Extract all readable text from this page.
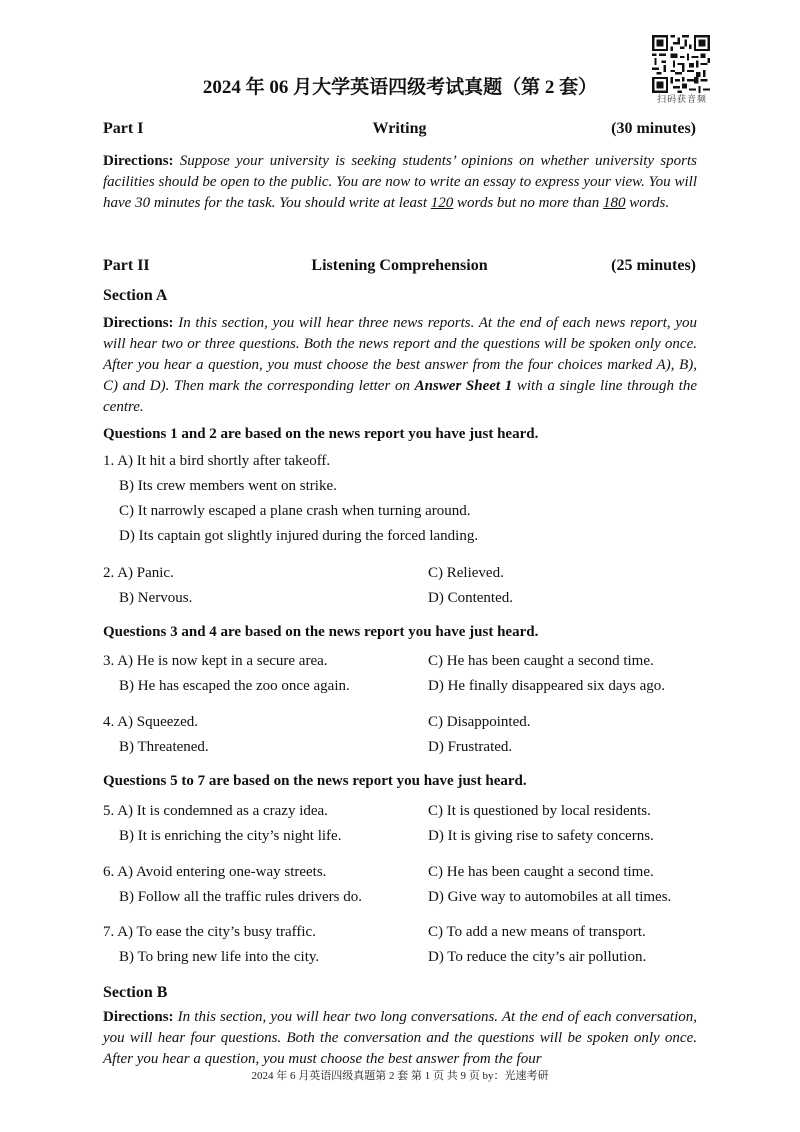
扫码获音频
2024 年 06 月大学英语四级考试真题（第 2 套）
Part I	Writing	(30 minutes)
Directions: Suppose your university is seeking students’ opinions on whether university sports facilities should be open to the public. You are now to write an essay to express your view. You will have 30 minutes for the task. You should write at least 120 words but no more than 180 words.
Part II	Listening Comprehension	(25 minutes)
Section A
Directions: In this section, you will hear three news reports. At the end of each news report, you will hear two or three questions. Both the news report and the questions will be spoken only once. After you hear a question, you must choose the best answer from the four choices marked A), B), C) and D). Then mark the corresponding letter on Answer Sheet 1 with a single line through the centre.
Questions 1 and 2 are based on the news report you have just heard.
1. A) It hit a bird shortly after takeoff.
B) Its crew members went on strike.
C) It narrowly escaped a plane crash when turning around.
D) Its captain got slightly injured during the forced landing.
2. A) Panic.	C) Relieved.
B) Nervous.	D) Contented.
Questions 3 and 4 are based on the news report you have just heard.
3. A) He is now kept in a secure area.	C) He has been caught a second time.
B) He has escaped the zoo once again.	D) He finally disappeared six days ago.
4. A) Squeezed.	C) Disappointed.
B) Threatened.	D) Frustrated.
Questions 5 to 7 are based on the news report you have just heard.
5. A) It is condemned as a crazy idea.	C) It is questioned by local residents.
B) It is enriching the city’s night life.	D) It is giving rise to safety concerns.
6. A) Avoid entering one-way streets.	C) He has been caught a second time.
B) Follow all the traffic rules drivers do.	D) Give way to automobiles at all times.
7. A) To ease the city’s busy traffic.	C) To add a new means of transport.
B) To bring new life into the city.	D) To reduce the city’s air pollution.
Section B
Directions: In this section, you will hear two long conversations. At the end of each conversation, you will hear four questions. Both the conversation and the questions will be spoken only once. After you hear a question, you must choose the best answer from the four
2024 年 6 月英语四级真题第 2 套 第 1 页 共 9 页 by：光速考研
